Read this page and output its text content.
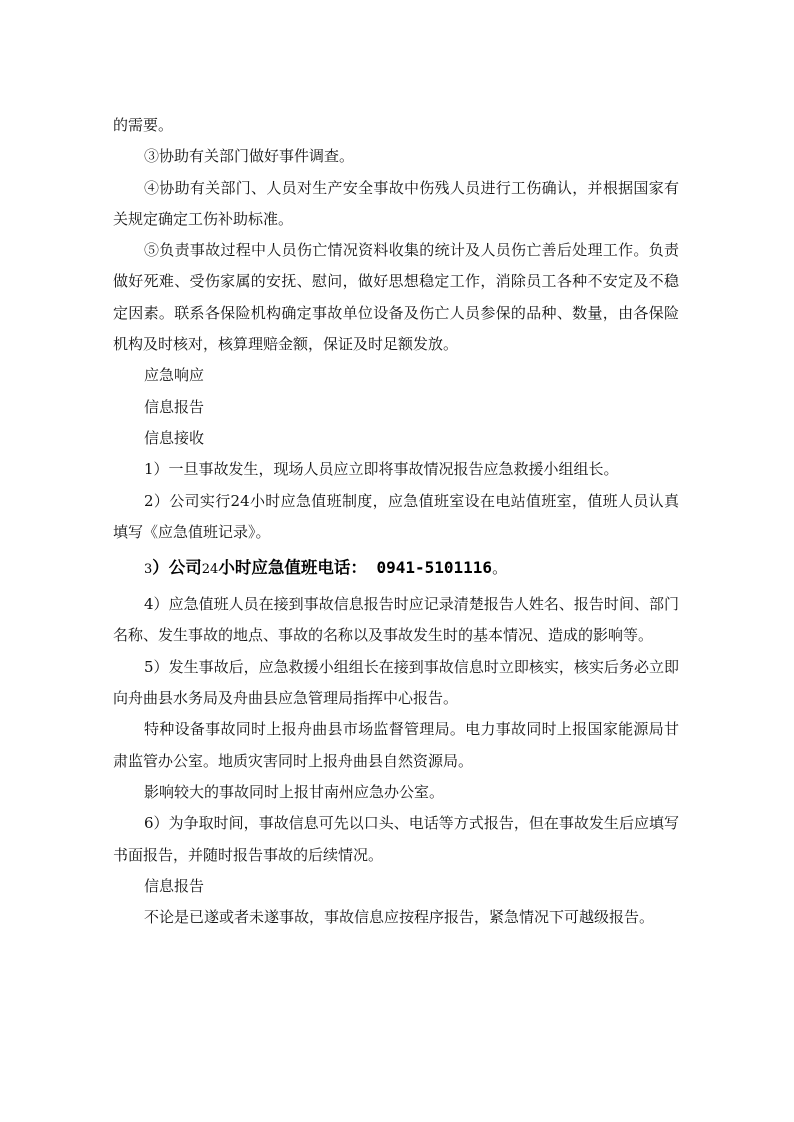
的需要。

③协助有关部门做好事件调查。

④协助有关部门、人员对生产安全事故中伤残人员进行工伤确认，并根据国家有关规定确定工伤补助标准。

⑤负责事故过程中人员伤亡情况资料收集的统计及人员伤亡善后处理工作。负责做好死难、受伤家属的安抚、慰问，做好思想稳定工作，消除员工各种不安定及不稳定因素。联系各保险机构确定事故单位设备及伤亡人员参保的品种、数量，由各保险机构及时核对，核算理赔金额，保证及时足额发放。

应急响应

信息报告

信息接收

1）一旦事故发生，现场人员应立即将事故情况报告应急救援小组组长。

2）公司实行24小时应急值班制度，应急值班室设在电站值班室，值班人员认真填写《应急值班记录》。

3）公司24小时应急值班电话： 0941-5101116。

4）应急值班人员在接到事故信息报告时应记录清楚报告人姓名、报告时间、部门名称、发生事故的地点、事故的名称以及事故发生时的基本情况、造成的影响等。

5）发生事故后，应急救援小组组长在接到事故信息时立即核实，核实后务必立即向舟曲县水务局及舟曲县应急管理局指挥中心报告。

特种设备事故同时上报舟曲县市场监督管理局。电力事故同时上报国家能源局甘肃监管办公室。地质灾害同时上报舟曲县自然资源局。

影响较大的事故同时上报甘南州应急办公室。

6）为争取时间，事故信息可先以口头、电话等方式报告，但在事故发生后应填写书面报告，并随时报告事故的后续情况。

信息报告

不论是已遂或者未遂事故，事故信息应按程序报告，紧急情况下可越级报告。
